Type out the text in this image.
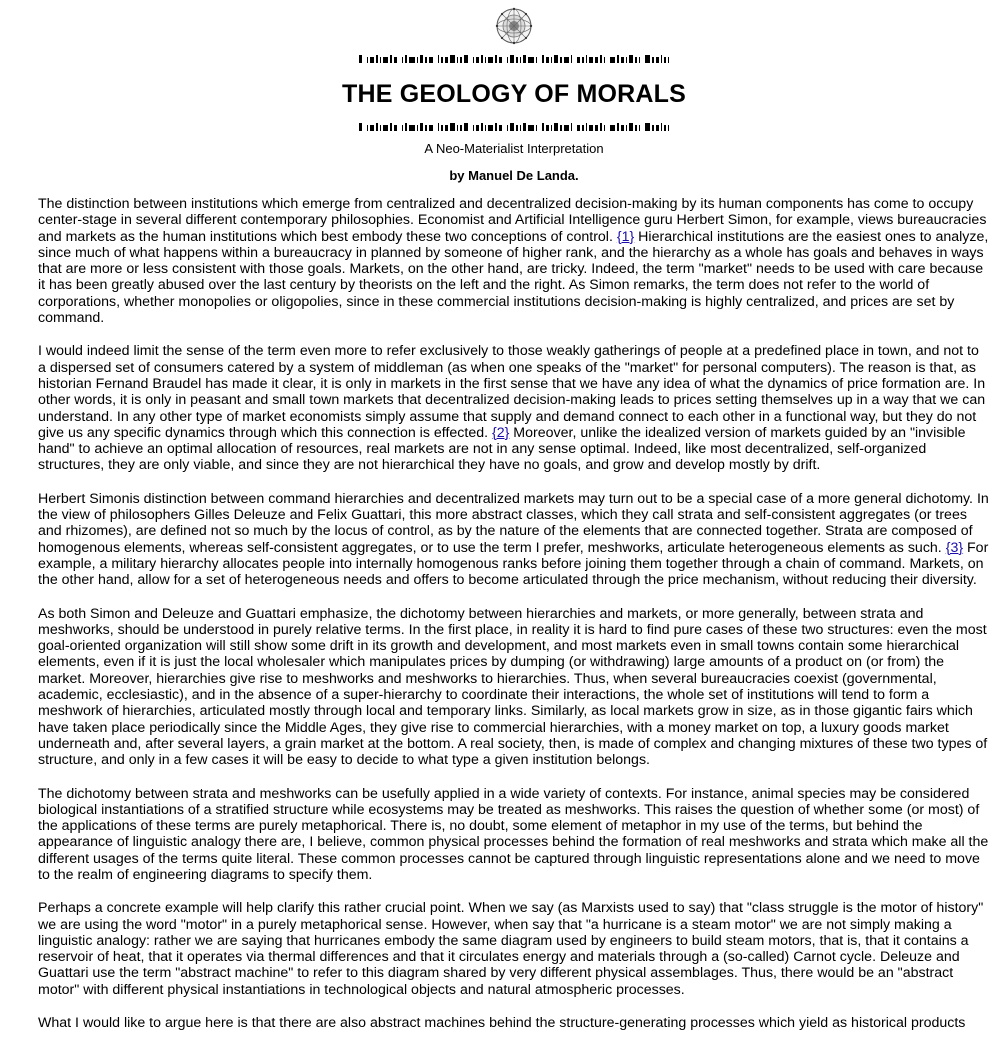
THE GEOLOGY OF MORALS
A Neo-Materialist Interpretation
by Manuel De Landa.

The distinction between institutions which emerge from centralized and decentralized decision-making by its human components has come to occupy center-stage in several different contemporary philosophies. Economist and Artificial Intelligence guru Herbert Simon, for example, views bureaucracies and markets as the human institutions which best embody these two conceptions of control. {1} Hierarchical institutions are the easiest ones to analyze, since much of what happens within a bureaucracy in planned by someone of higher rank, and the hierarchy as a whole has goals and behaves in ways that are more or less consistent with those goals. Markets, on the other hand, are tricky. Indeed, the term "market" needs to be used with care because it has been greatly abused over the last century by theorists on the left and the right. As Simon remarks, the term does not refer to the world of corporations, whether monopolies or oligopolies, since in these commercial institutions decision-making is highly centralized, and prices are set by command.

I would indeed limit the sense of the term even more to refer exclusively to those weakly gatherings of people at a predefined place in town, and not to a dispersed set of consumers catered by a system of middleman (as when one speaks of the "market" for personal computers). The reason is that, as historian Fernand Braudel has made it clear, it is only in markets in the first sense that we have any idea of what the dynamics of price formation are. In other words, it is only in peasant and small town markets that decentralized decision-making leads to prices setting themselves up in a way that we can understand. In any other type of market economists simply assume that supply and demand connect to each other in a functional way, but they do not give us any specific dynamics through which this connection is effected. {2} Moreover, unlike the idealized version of markets guided by an "invisible hand" to achieve an optimal allocation of resources, real markets are not in any sense optimal. Indeed, like most decentralized, self-organized structures, they are only viable, and since they are not hierarchical they have no goals, and grow and develop mostly by drift.

Herbert Simonis distinction between command hierarchies and decentralized markets may turn out to be a special case of a more general dichotomy. In the view of philosophers Gilles Deleuze and Felix Guattari, this more abstract classes, which they call strata and self-consistent aggregates (or trees and rhizomes), are defined not so much by the locus of control, as by the nature of the elements that are connected together. Strata are composed of homogenous elements, whereas self-consistent aggregates, or to use the term I prefer, meshworks, articulate heterogeneous elements as such. {3} For example, a military hierarchy allocates people into internally homogenous ranks before joining them together through a chain of command. Markets, on the other hand, allow for a set of heterogeneous needs and offers to become articulated through the price mechanism, without reducing their diversity.

As both Simon and Deleuze and Guattari emphasize, the dichotomy between hierarchies and markets, or more generally, between strata and meshworks, should be understood in purely relative terms. In the first place, in reality it is hard to find pure cases of these two structures: even the most goal-oriented organization will still show some drift in its growth and development, and most markets even in small towns contain some hierarchical elements, even if it is just the local wholesaler which manipulates prices by dumping (or withdrawing) large amounts of a product on (or from) the market. Moreover, hierarchies give rise to meshworks and meshworks to hierarchies. Thus, when several bureaucracies coexist (governmental, academic, ecclesiastic), and in the absence of a super-hierarchy to coordinate their interactions, the whole set of institutions will tend to form a meshwork of hierarchies, articulated mostly through local and temporary links. Similarly, as local markets grow in size, as in those gigantic fairs which have taken place periodically since the Middle Ages, they give rise to commercial hierarchies, with a money market on top, a luxury goods market underneath and, after several layers, a grain market at the bottom. A real society, then, is made of complex and changing mixtures of these two types of structure, and only in a few cases it will be easy to decide to what type a given institution belongs.

The dichotomy between strata and meshworks can be usefully applied in a wide variety of contexts. For instance, animal species may be considered biological instantiations of a stratified structure while ecosystems may be treated as meshworks. This raises the question of whether some (or most) of the applications of these terms are purely metaphorical. There is, no doubt, some element of metaphor in my use of the terms, but behind the appearance of linguistic analogy there are, I believe, common physical processes behind the formation of real meshworks and strata which make all the different usages of the terms quite literal. These common processes cannot be captured through linguistic representations alone and we need to move to the realm of engineering diagrams to specify them.

Perhaps a concrete example will help clarify this rather crucial point. When we say (as Marxists used to say) that "class struggle is the motor of history" we are using the word "motor" in a purely metaphorical sense. However, when say that "a hurricane is a steam motor" we are not simply making a linguistic analogy: rather we are saying that hurricanes embody the same diagram used by engineers to build steam motors, that is, that it contains a reservoir of heat, that it operates via thermal differences and that it circulates energy and materials through a (so-called) Carnot cycle. Deleuze and Guattari use the term "abstract machine" to refer to this diagram shared by very different physical assemblages. Thus, there would be an "abstract motor" with different physical instantiations in technological objects and natural atmospheric processes.

What I would like to argue here is that there are also abstract machines behind the structure-generating processes which yield as historical products
